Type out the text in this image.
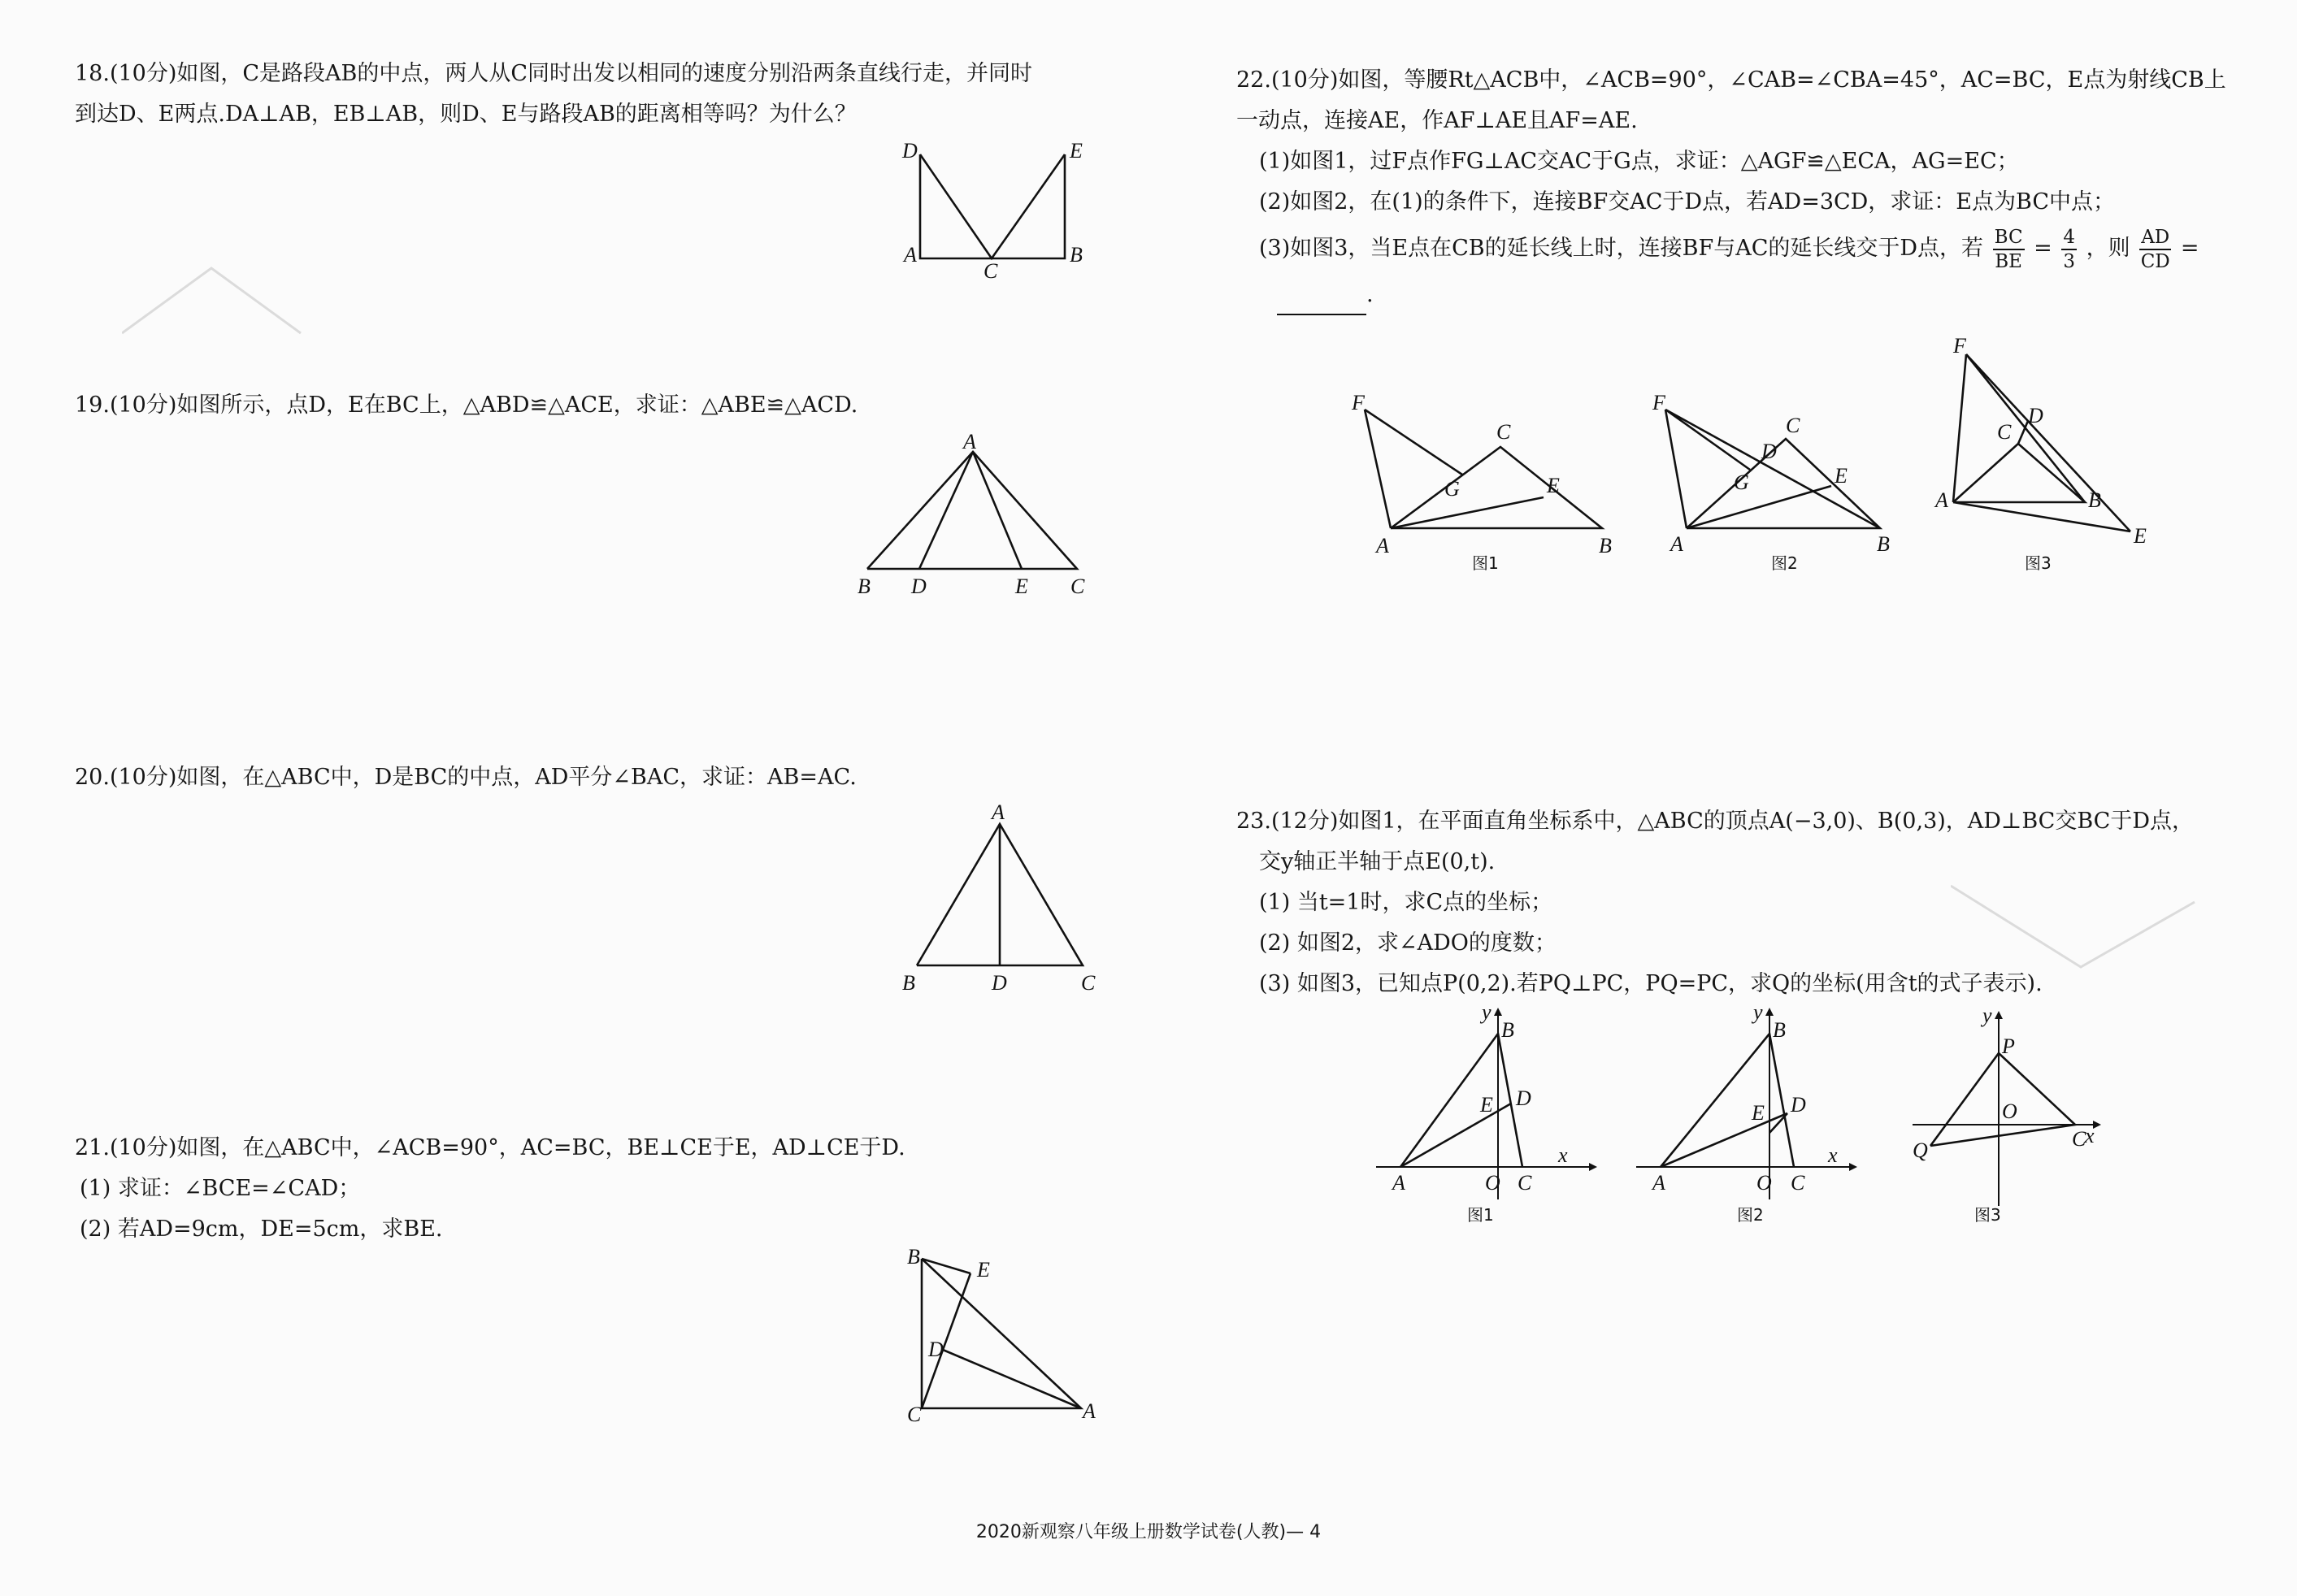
18.(10分)如图，C是路段AB的中点，两人从C同时出发以相同的速度分别沿两条直线行走，并同时

到达D、E两点.DA⊥AB，EB⊥AB，则D、E与路段AB的距离相等吗？为什么？

D	E
A
C
B

19.(10分)如图所示，点D，E在BC上，△ABD≌△ACE，求证：△ABE≌△ACD.

A
B D	E C

20.(10分)如图，在△ABC中，D是BC的中点，AD平分∠BAC，求证：AB=AC.

A
B	D	C

21.(10分)如图，在△ABC中，∠ACB=90°，AC=BC，BE⊥CE于E，AD⊥CE于D.

(1) 求证：∠BCE=∠CAD；

(2) 若AD=9cm，DE=5cm，求BE.

B
E
D
C	A

22.(10分)如图，等腰Rt△ACB中，∠ACB=90°，∠CAB=∠CBA=45°，AC=BC，E点为射线CB上

一动点，连接AE，作AF⊥AE且AF=AE.

(1)如图1，过F点作FG⊥AC交AC于G点，求证：△AGF≌△ECA，AG=EC；

(2)如图2，在(1)的条件下，连接BF交AC于D点，若AD=3CD，求证：E点为BC中点；

(3)如图3，当E点在CB的延长线上时，连接BF与AC的延长线交于D点，若 $\frac{BC}{BE} = \frac{4}{3}$ ，则 $\frac{AD}{CD}$ =

.

F
C
G	E
A	B
图1
F
C
D
G	E
A	B
图2
F
C
D
A	B
E
图3

23.(12分)如图1，在平面直角坐标系中，△ABC的顶点A(−3,0)、B(0,3)，AD⊥BC交BC于D点，

交y轴正半轴于点E(0,t).

(1) 当t=1时，求C点的坐标；

(2) 如图2，求∠ADO的度数；

(3) 如图3，已知点P(0,2).若PQ⊥PC，PQ=PC，求Q的坐标(用含t的式子表示).

y
B
E D
A	O C
x
图1
y
B
E D
A	O C
x
图2
y
P
O
Q	C
x
图3
2020新观察八年级上册数学试卷(人教)— 4
